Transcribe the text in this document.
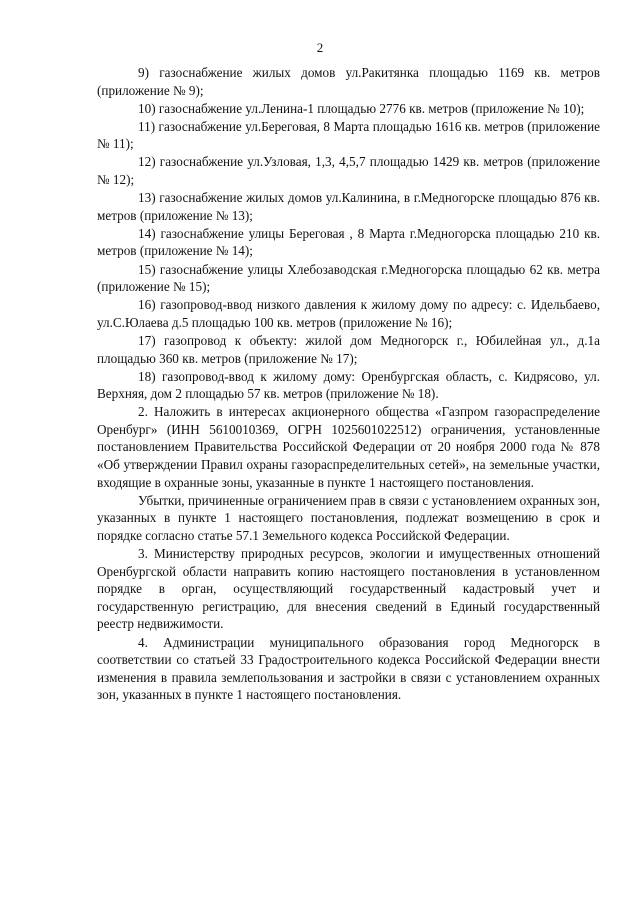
2

9) газоснабжение жилых домов ул.Ракитянка площадью 1169 кв. метров (приложение № 9);

10) газоснабжение ул.Ленина-1 площадью 2776 кв. метров (приложение № 10);

11) газоснабжение ул.Береговая, 8 Марта площадью 1616 кв. метров (приложение № 11);

12) газоснабжение ул.Узловая, 1,3, 4,5,7 площадью 1429 кв. метров (приложение № 12);

13) газоснабжение жилых домов ул.Калинина, в г.Медногорске площадью 876 кв. метров (приложение № 13);

14) газоснабжение улицы Береговая , 8 Марта г.Медногорска площадью 210 кв. метров (приложение № 14);

15) газоснабжение улицы Хлебозаводская г.Медногорска площадью 62 кв. метра (приложение № 15);

16) газопровод-ввод низкого давления к жилому дому по адресу: с. Идельбаево, ул.С.Юлаева д.5 площадью 100 кв. метров (приложение № 16);

17) газопровод к объекту: жилой дом Медногорск г., Юбилейная ул., д.1а площадью 360 кв. метров (приложение № 17);

18) газопровод-ввод к жилому дому: Оренбургская область, с. Кидрясово, ул. Верхняя, дом 2 площадью 57 кв. метров (приложение № 18).

2. Наложить в интересах акционерного общества «Газпром газораспределение Оренбург» (ИНН 5610010369, ОГРН 1025601022512) ограничения, установленные постановлением Правительства Российской Федерации от 20 ноября 2000 года № 878 «Об утверждении Правил охраны газораспределительных сетей», на земельные участки, входящие в охранные зоны, указанные в пункте 1 настоящего постановления.

Убытки, причиненные ограничением прав в связи с установлением охранных зон, указанных в пункте 1 настоящего постановления, подлежат возмещению в срок и порядке согласно статье 57.1 Земельного кодекса Российской Федерации.

3. Министерству природных ресурсов, экологии и имущественных отношений Оренбургской области направить копию настоящего постановления в установленном порядке в орган, осуществляющий государственный кадастровый учет и государственную регистрацию, для внесения сведений в Единый государственный реестр недвижимости.

4. Администрации муниципального образования город Медногорск в соответствии со статьей 33 Градостроительного кодекса Российской Федерации внести изменения в правила землепользования и застройки в связи с установлением охранных зон, указанных в пункте 1 настоящего постановления.
